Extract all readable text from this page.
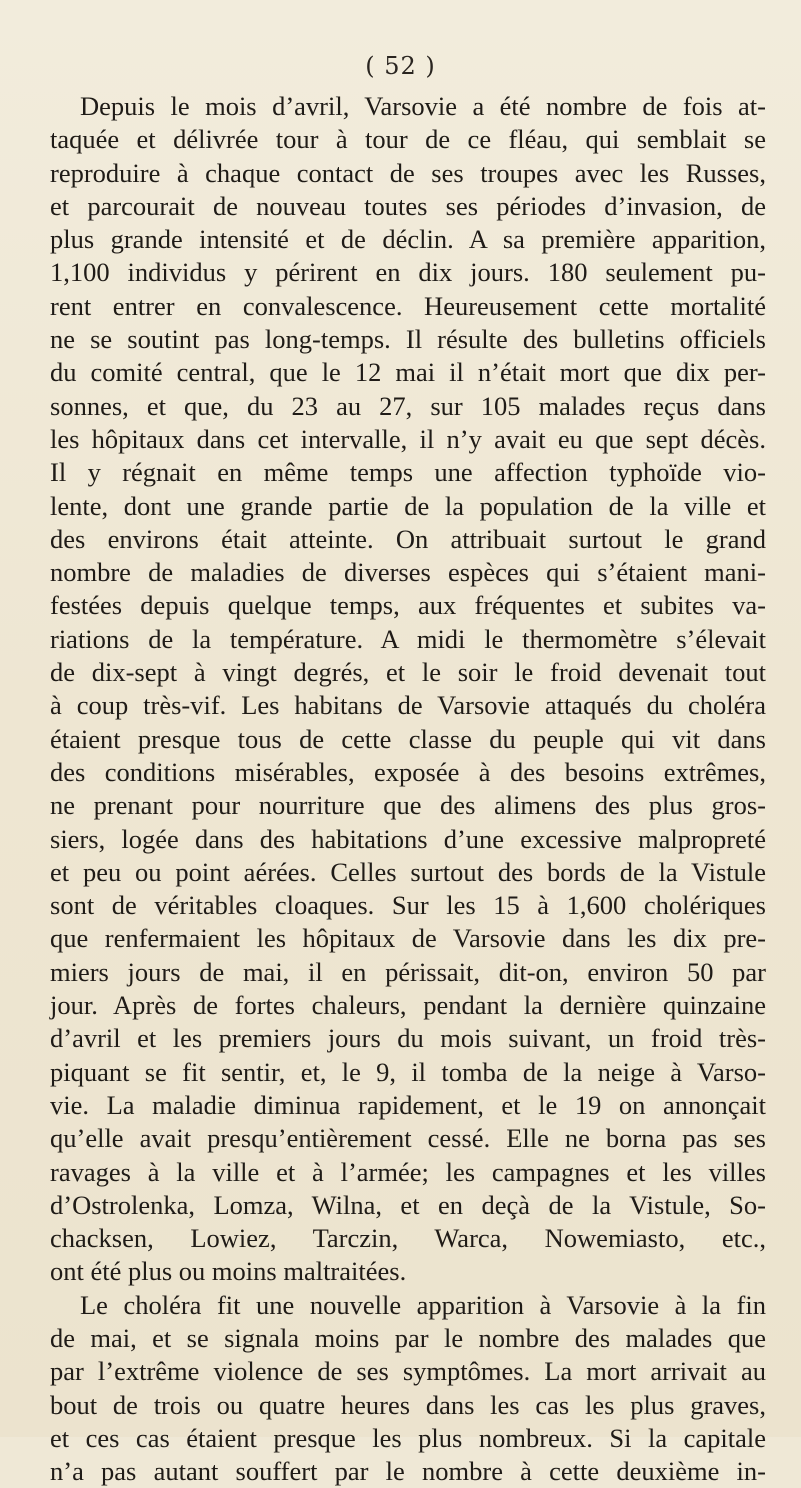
( 52 )
Depuis le mois d’avril, Varsovie a été nombre de fois at-
taquée et délivrée tour à tour de ce fléau, qui semblait se
reproduire à chaque contact de ses troupes avec les Russes,
et parcourait de nouveau toutes ses périodes d’invasion, de
plus grande intensité et de déclin. A sa première apparition,
1,100 individus y périrent en dix jours. 180 seulement pu-
rent entrer en convalescence. Heureusement cette mortalité
ne se soutint pas long-temps. Il résulte des bulletins officiels
du comité central, que le 12 mai il n’était mort que dix per-
sonnes, et que, du 23 au 27, sur 105 malades reçus dans
les hôpitaux dans cet intervalle, il n’y avait eu que sept décès.
Il y régnait en même temps une affection typhoïde vio-
lente, dont une grande partie de la population de la ville et
des environs était atteinte. On attribuait surtout le grand
nombre de maladies de diverses espèces qui s’étaient mani-
festées depuis quelque temps, aux fréquentes et subites va-
riations de la température. A midi le thermomètre s’élevait
de dix-sept à vingt degrés, et le soir le froid devenait tout
à coup très-vif. Les habitans de Varsovie attaqués du choléra
étaient presque tous de cette classe du peuple qui vit dans
des conditions misérables, exposée à des besoins extrêmes,
ne prenant pour nourriture que des alimens des plus gros-
siers, logée dans des habitations d’une excessive malpropreté
et peu ou point aérées. Celles surtout des bords de la Vistule
sont de véritables cloaques. Sur les 15 à 1,600 cholériques
que renfermaient les hôpitaux de Varsovie dans les dix pre-
miers jours de mai, il en périssait, dit-on, environ 50 par
jour. Après de fortes chaleurs, pendant la dernière quinzaine
d’avril et les premiers jours du mois suivant, un froid très-
piquant se fit sentir, et, le 9, il tomba de la neige à Varso-
vie. La maladie diminua rapidement, et le 19 on annonçait
qu’elle avait presqu’entièrement cessé. Elle ne borna pas ses
ravages à la ville et à l’armée; les campagnes et les villes
d’Ostrolenka, Lomza, Wilna, et en deçà de la Vistule, So-
chacksen, Lowiez, Tarczin, Warca, Nowemiasto, etc.,
ont été plus ou moins maltraitées.
Le choléra fit une nouvelle apparition à Varsovie à la fin
de mai, et se signala moins par le nombre des malades que
par l’extrême violence de ses symptômes. La mort arrivait au
bout de trois ou quatre heures dans les cas les plus graves,
et ces cas étaient presque les plus nombreux. Si la capitale
n’a pas autant souffert par le nombre à cette deuxième in-
